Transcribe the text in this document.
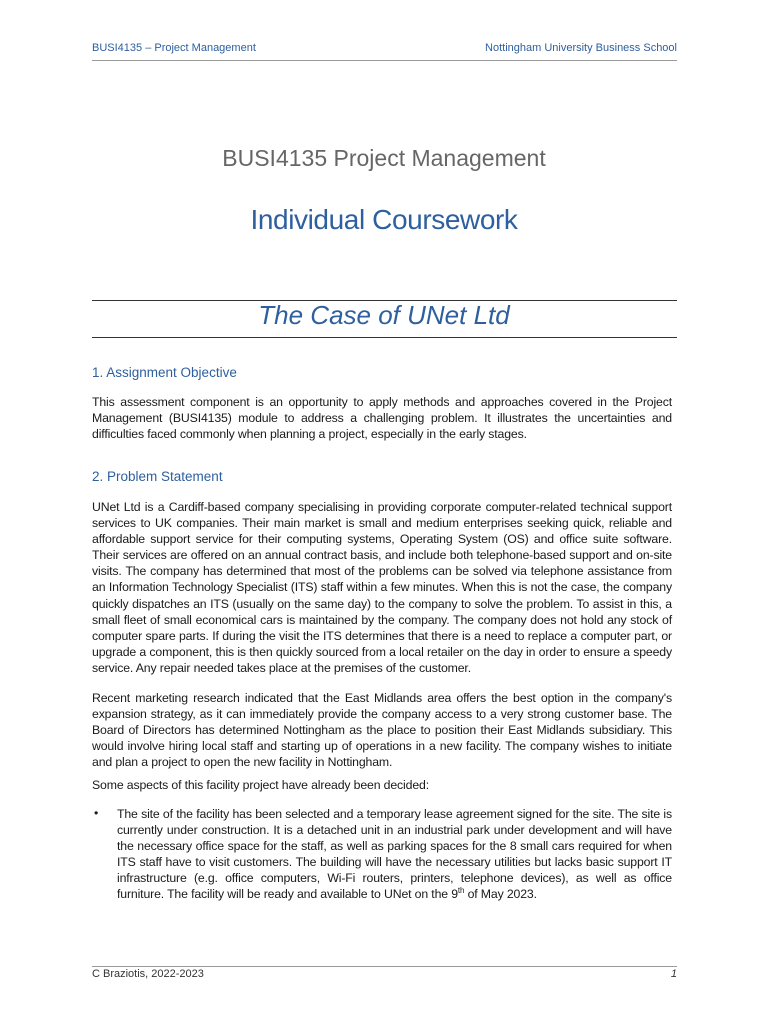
BUSI4135 – Project Management	Nottingham University Business School
BUSI4135 Project Management
Individual Coursework
The Case of UNet Ltd
1. Assignment Objective
This assessment component is an opportunity to apply methods and approaches covered in the Project Management (BUSI4135) module to address a challenging problem. It illustrates the uncertainties and difficulties faced commonly when planning a project, especially in the early stages.
2. Problem Statement
UNet Ltd is a Cardiff-based company specialising in providing corporate computer-related technical support services to UK companies. Their main market is small and medium enterprises seeking quick, reliable and affordable support service for their computing systems, Operating System (OS) and office suite software. Their services are offered on an annual contract basis, and include both telephone-based support and on-site visits. The company has determined that most of the problems can be solved via telephone assistance from an Information Technology Specialist (ITS) staff within a few minutes. When this is not the case, the company quickly dispatches an ITS (usually on the same day) to the company to solve the problem. To assist in this, a small fleet of small economical cars is maintained by the company. The company does not hold any stock of computer spare parts. If during the visit the ITS determines that there is a need to replace a computer part, or upgrade a component, this is then quickly sourced from a local retailer on the day in order to ensure a speedy service. Any repair needed takes place at the premises of the customer.
Recent marketing research indicated that the East Midlands area offers the best option in the company's expansion strategy, as it can immediately provide the company access to a very strong customer base. The Board of Directors has determined Nottingham as the place to position their East Midlands subsidiary. This would involve hiring local staff and starting up of operations in a new facility. The company wishes to initiate and plan a project to open the new facility in Nottingham.
Some aspects of this facility project have already been decided:
• The site of the facility has been selected and a temporary lease agreement signed for the site. The site is currently under construction. It is a detached unit in an industrial park under development and will have the necessary office space for the staff, as well as parking spaces for the 8 small cars required for when ITS staff have to visit customers. The building will have the necessary utilities but lacks basic support IT infrastructure (e.g. office computers, Wi-Fi routers, printers, telephone devices), as well as office furniture. The facility will be ready and available to UNet on the 9th of May 2023.
C Braziotis, 2022-2023	1
